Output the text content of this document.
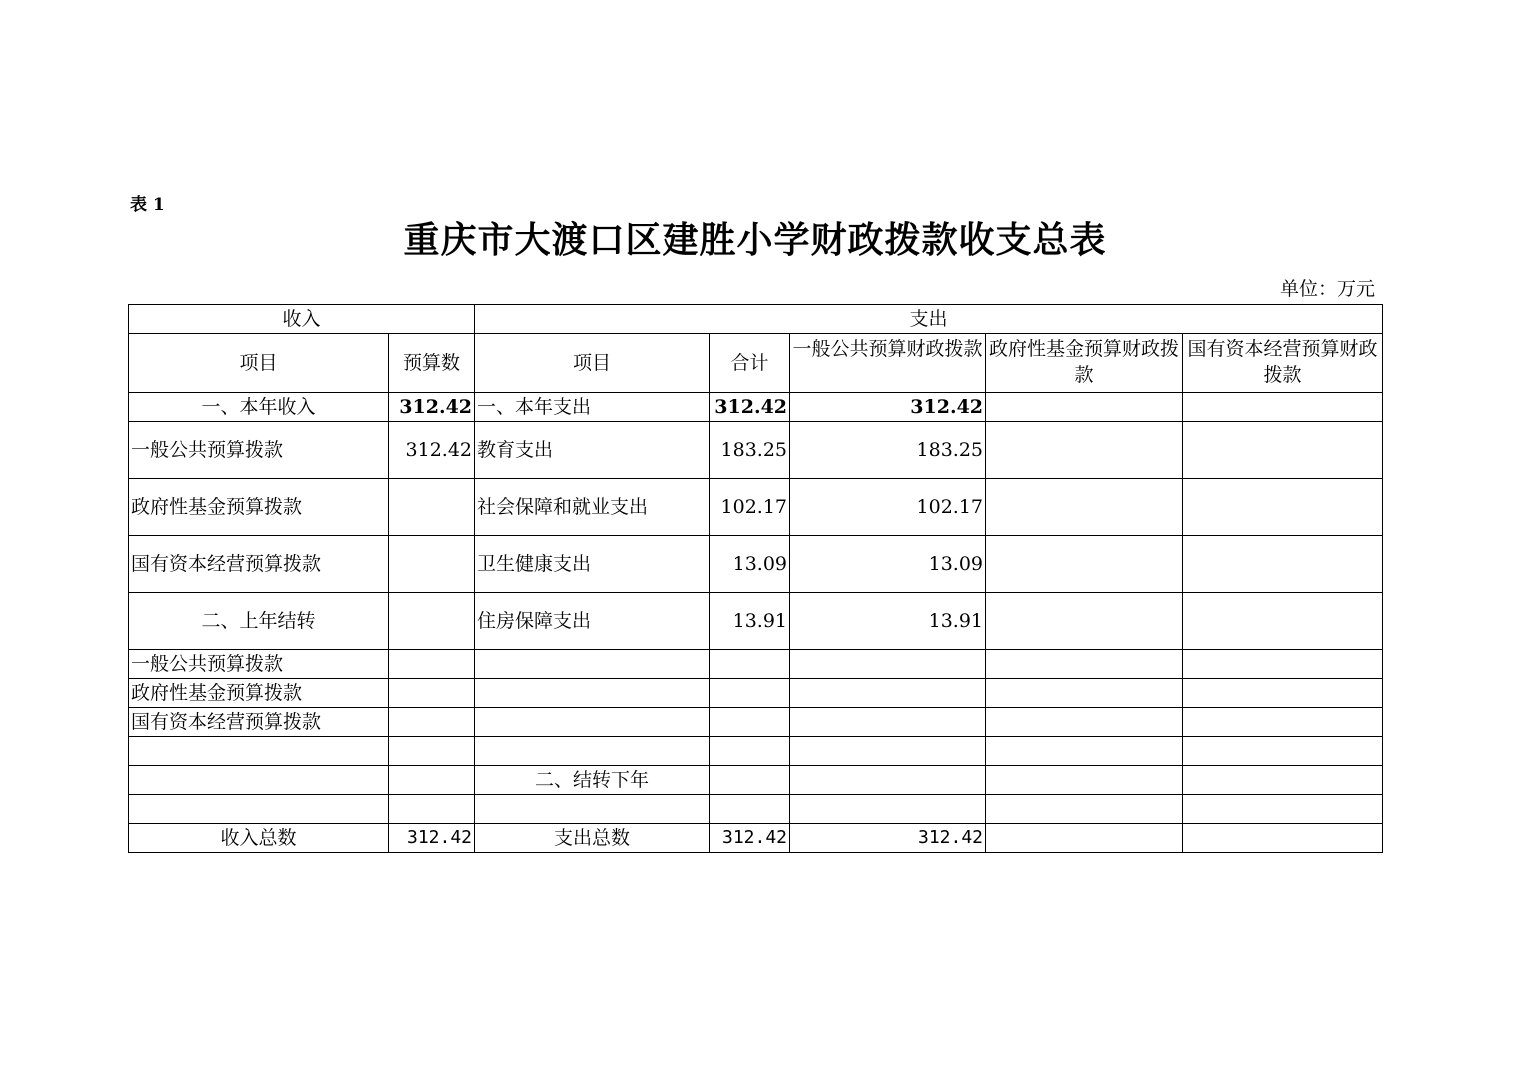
表 1
重庆市大渡口区建胜小学财政拨款收支总表
单位：万元
收入		支出				
项目	预算数	项目	合计	一般公共预算财政拨款	政府性基金预算财政拨款	国有资本经营预算财政拨款
一、本年收入	312.42	一、本年支出	312.42	312.42		
一般公共预算拨款	312.42	教育支出	183.25	183.25		
政府性基金预算拨款		社会保障和就业支出	102.17	102.17		
国有资本经营预算拨款		卫生健康支出	13.09	13.09		
二、上年结转		住房保障支出	13.91	13.91		
一般公共预算拨款						
政府性基金预算拨款						
国有资本经营预算拨款						

		二、结转下年				

收入总数	312.42	支出总数	312.42	312.42		
